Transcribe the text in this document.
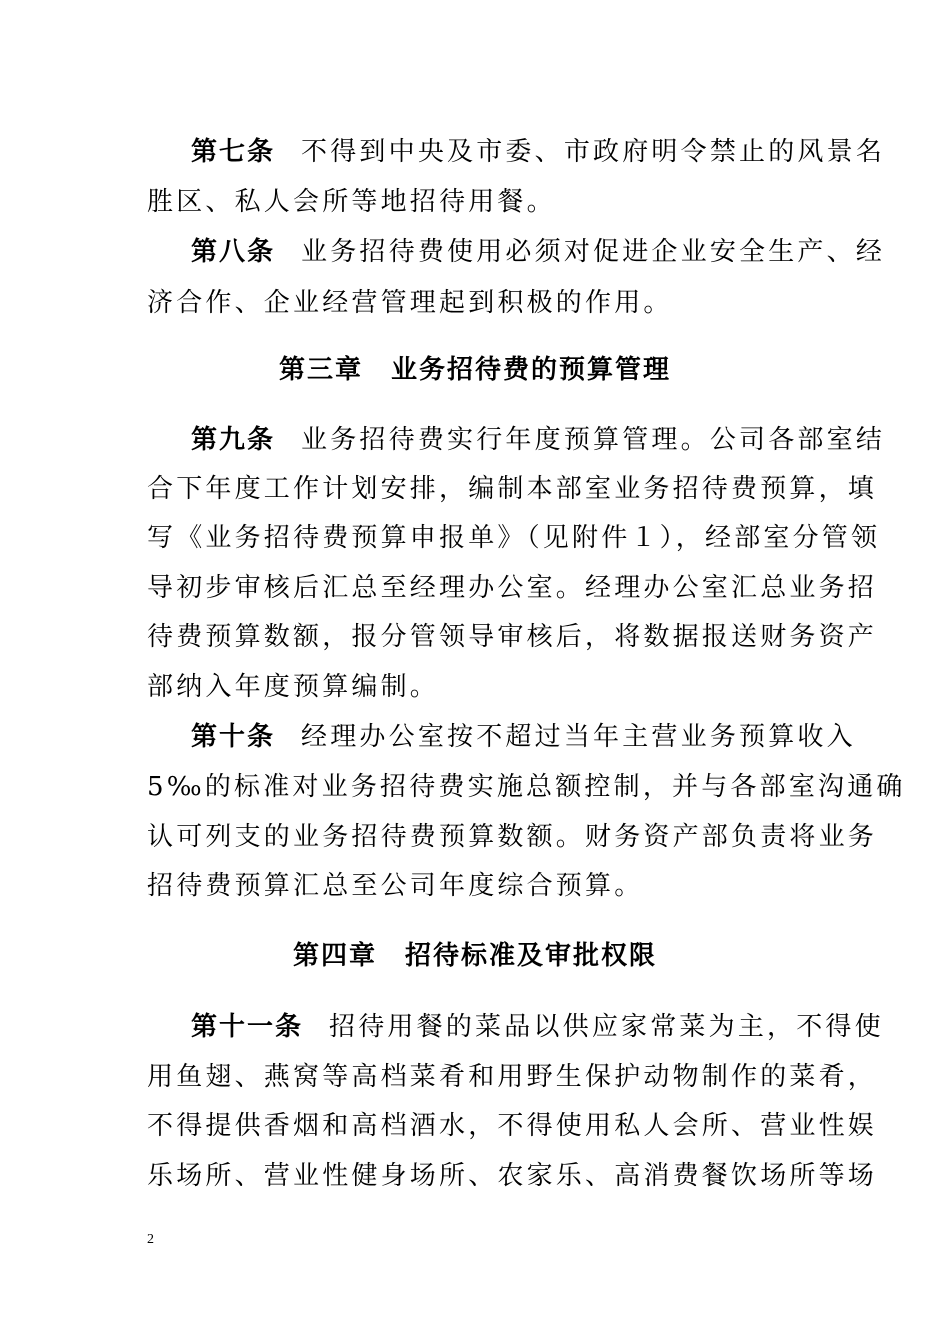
第七条 不得到中央及市委、市政府明令禁止的风景名
胜区、私人会所等地招待用餐。
第八条 业务招待费使用必须对促进企业安全生产、经
济合作、企业经营管理起到积极的作用。
第三章 业务招待费的预算管理
第九条 业务招待费实行年度预算管理。公司各部室结
合下年度工作计划安排，编制本部室业务招待费预算，填
写《业务招待费预算申报单》（见附件１），经部室分管领
导初步审核后汇总至经理办公室。经理办公室汇总业务招
待费预算数额，报分管领导审核后，将数据报送财务资产
部纳入年度预算编制。
第十条 经理办公室按不超过当年主营业务预算收入
5‰的标准对业务招待费实施总额控制，并与各部室沟通确
认可列支的业务招待费预算数额。财务资产部负责将业务
招待费预算汇总至公司年度综合预算。
第四章 招待标准及审批权限
第十一条 招待用餐的菜品以供应家常菜为主，不得使
用鱼翅、燕窝等高档菜肴和用野生保护动物制作的菜肴，
不得提供香烟和高档酒水，不得使用私人会所、营业性娱
乐场所、营业性健身场所、农家乐、高消费餐饮场所等场
2
